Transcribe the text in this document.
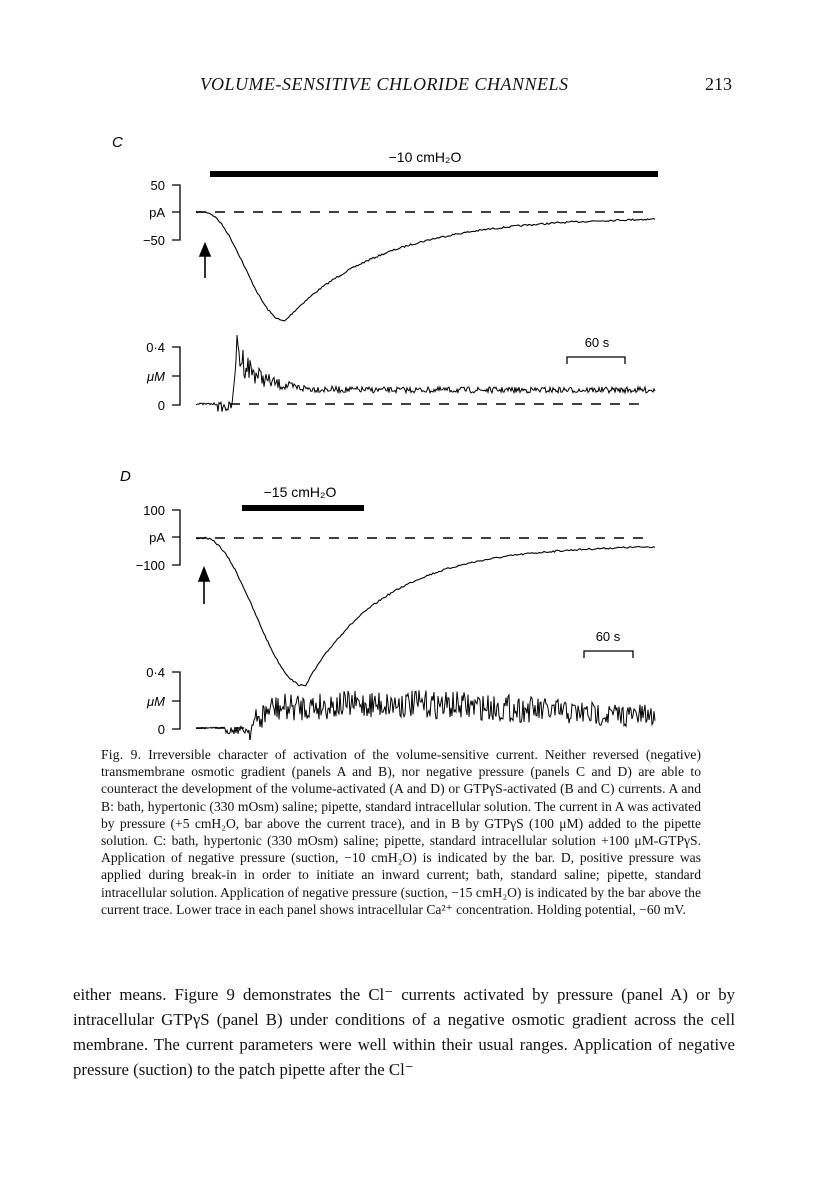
VOLUME-SENSITIVE CHLORIDE CHANNELS	213
C
−10 cmH₂O
50
pA
−50
0·4
μM
0
60 s
D
−15 cmH₂O
100
pA
−100
0·4
μM
0
60 s
Fig. 9. Irreversible character of activation of the volume-sensitive current. Neither reversed (negative) transmembrane osmotic gradient (panels A and B), nor negative pressure (panels C and D) are able to counteract the development of the volume-activated (A and D) or GTPγS-activated (B and C) currents. A and B: bath, hypertonic (330 mOsm) saline; pipette, standard intracellular solution. The current in A was activated by pressure (+5 cmH₂O, bar above the current trace), and in B by GTPγS (100 μM) added to the pipette solution. C: bath, hypertonic (330 mOsm) saline; pipette, standard intracellular solution +100 μM-GTPγS. Application of negative pressure (suction, −10 cmH₂O) is indicated by the bar. D, positive pressure was applied during break-in in order to initiate an inward current; bath, standard saline; pipette, standard intracellular solution. Application of negative pressure (suction, −15 cmH₂O) is indicated by the bar above the current trace. Lower trace in each panel shows intracellular Ca²⁺ concentration. Holding potential, −60 mV.
either means. Figure 9 demonstrates the Cl⁻ currents activated by pressure (panel A) or by intracellular GTPγS (panel B) under conditions of a negative osmotic gradient across the cell membrane. The current parameters were well within their usual ranges. Application of negative pressure (suction) to the patch pipette after the Cl⁻
